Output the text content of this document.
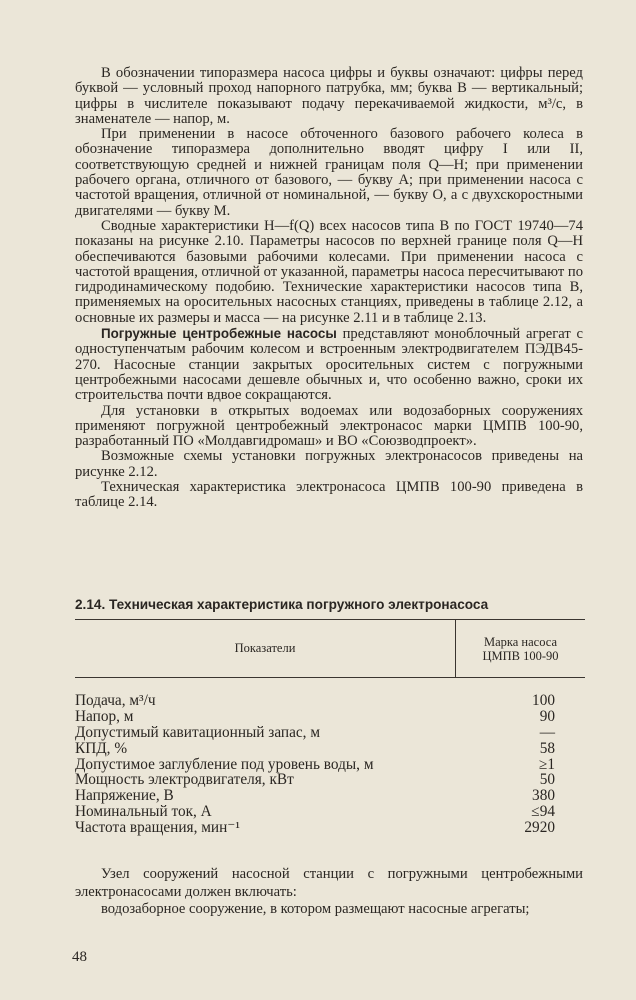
В обозначении типоразмера насоса цифры и буквы означают: цифры перед буквой — условный проход напорного патрубка, мм; буква В — вертикальный; цифры в числителе показывают подачу перекачиваемой жидкости, м³/с, в знаменателе — напор, м.

При применении в насосе обточенного базового рабочего колеса в обозначение типоразмера дополнительно вводят цифру I или II, соответствующую средней и нижней границам поля Q—H; при применении рабочего органа, отличного от базового, — букву А; при применении насоса с частотой вращения, отличной от номинальной, — букву О, а с двухскоростными двигателями — букву М.

Сводные характеристики H—f(Q) всех насосов типа В по ГОСТ 19740—74 показаны на рисунке 2.10. Параметры насосов по верхней границе поля Q—H обеспечиваются базовыми рабочими колесами. При применении насоса с частотой вращения, отличной от указанной, параметры насоса пересчитывают по гидродинамическому подобию. Технические характеристики насосов типа В, применяемых на оросительных насосных станциях, приведены в таблице 2.12, а основные их размеры и масса — на рисунке 2.11 и в таблице 2.13.

Погружные центробежные насосы представляют моноблочный агрегат с одноступенчатым рабочим колесом и встроенным электродвигателем ПЭДВ45-270. Насосные станции закрытых оросительных систем с погружными центробежными насосами дешевле обычных и, что особенно важно, сроки их строительства почти вдвое сокращаются.

Для установки в открытых водоемах или водозаборных сооружениях применяют погружной центробежный электронасос марки ЦМПВ 100-90, разработанный ПО «Молдавгидромаш» и ВО «Союзводпроект».

Возможные схемы установки погружных электронасосов приведены на рисунке 2.12.

Техническая характеристика электронасоса ЦМПВ 100-90 приведена в таблице 2.14.

2.14. Техническая характеристика погружного электронасоса
Показатели	Марка насоса
ЦМПВ 100-90
Подача, м³/ч	100
Напор, м	90
Допустимый кавитационный запас, м	—
КПД, %	58
Допустимое заглубление под уровень воды, м	≥1
Мощность электродвигателя, кВт	50
Напряжение, В	380
Номинальный ток, А	≤94
Частота вращения, мин⁻¹	2920

Узел сооружений насосной станции с погружными центробежными электронасосами должен включать:

водозаборное сооружение, в котором размещают насосные агрегаты;

48
